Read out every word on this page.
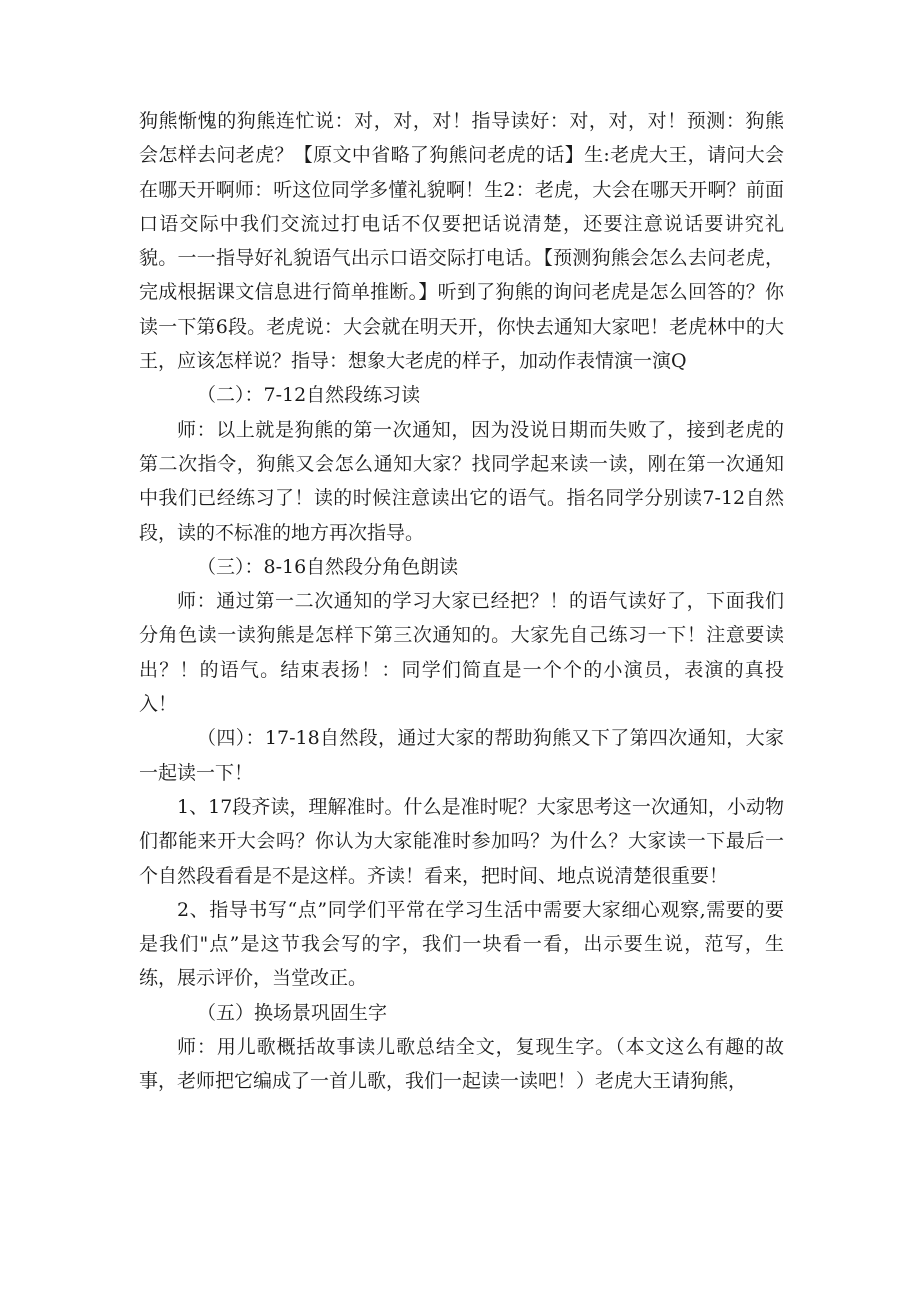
狗熊惭愧的狗熊连忙说：对，对，对！指导读好：对，对，对！预测：狗熊会怎样去问老虎？【原文中省略了狗熊问老虎的话】生:老虎大王，请问大会在哪天开啊师：听这位同学多懂礼貌啊！生2：老虎，大会在哪天开啊？前面口语交际中我们交流过打电话不仅要把话说清楚，还要注意说话要讲究礼貌。一一指导好礼貌语气出示口语交际打电话。【预测狗熊会怎么去问老虎，完成根据课文信息进行简单推断。】听到了狗熊的询问老虎是怎么回答的？你读一下第6段。老虎说：大会就在明天开，你快去通知大家吧！老虎林中的大王，应该怎样说？指导：想象大老虎的样子，加动作表情演一演Q

（二）：7-12自然段练习读

师：以上就是狗熊的第一次通知，因为没说日期而失败了，接到老虎的第二次指令，狗熊又会怎么通知大家？找同学起来读一读，刚在第一次通知中我们已经练习了！读的时候注意读出它的语气。指名同学分别读7-12自然段，读的不标准的地方再次指导。

（三）：8-16自然段分角色朗读

师：通过第一二次通知的学习大家已经把？！的语气读好了，下面我们分角色读一读狗熊是怎样下第三次通知的。大家先自己练习一下！注意要读出？！的语气。结束表扬！：同学们简直是一个个的小演员，表演的真投入！

（四）：17-18自然段，通过大家的帮助狗熊又下了第四次通知，大家一起读一下！

1、17段齐读，理解准时。什么是准时呢？大家思考这一次通知，小动物们都能来开大会吗？你认为大家能准时参加吗？为什么？大家读一下最后一个自然段看看是不是这样。齐读！看来，把时间、地点说清楚很重要！

2、指导书写“点”同学们平常在学习生活中需要大家细心观察,需要的要是我们"点”是这节我会写的字，我们一块看一看，出示要生说，范写，生练，展示评价，当堂改正。

（五）换场景巩固生字

师：用儿歌概括故事读儿歌总结全文，复现生字。（本文这么有趣的故事，老师把它编成了一首儿歌，我们一起读一读吧！）老虎大王请狗熊，
